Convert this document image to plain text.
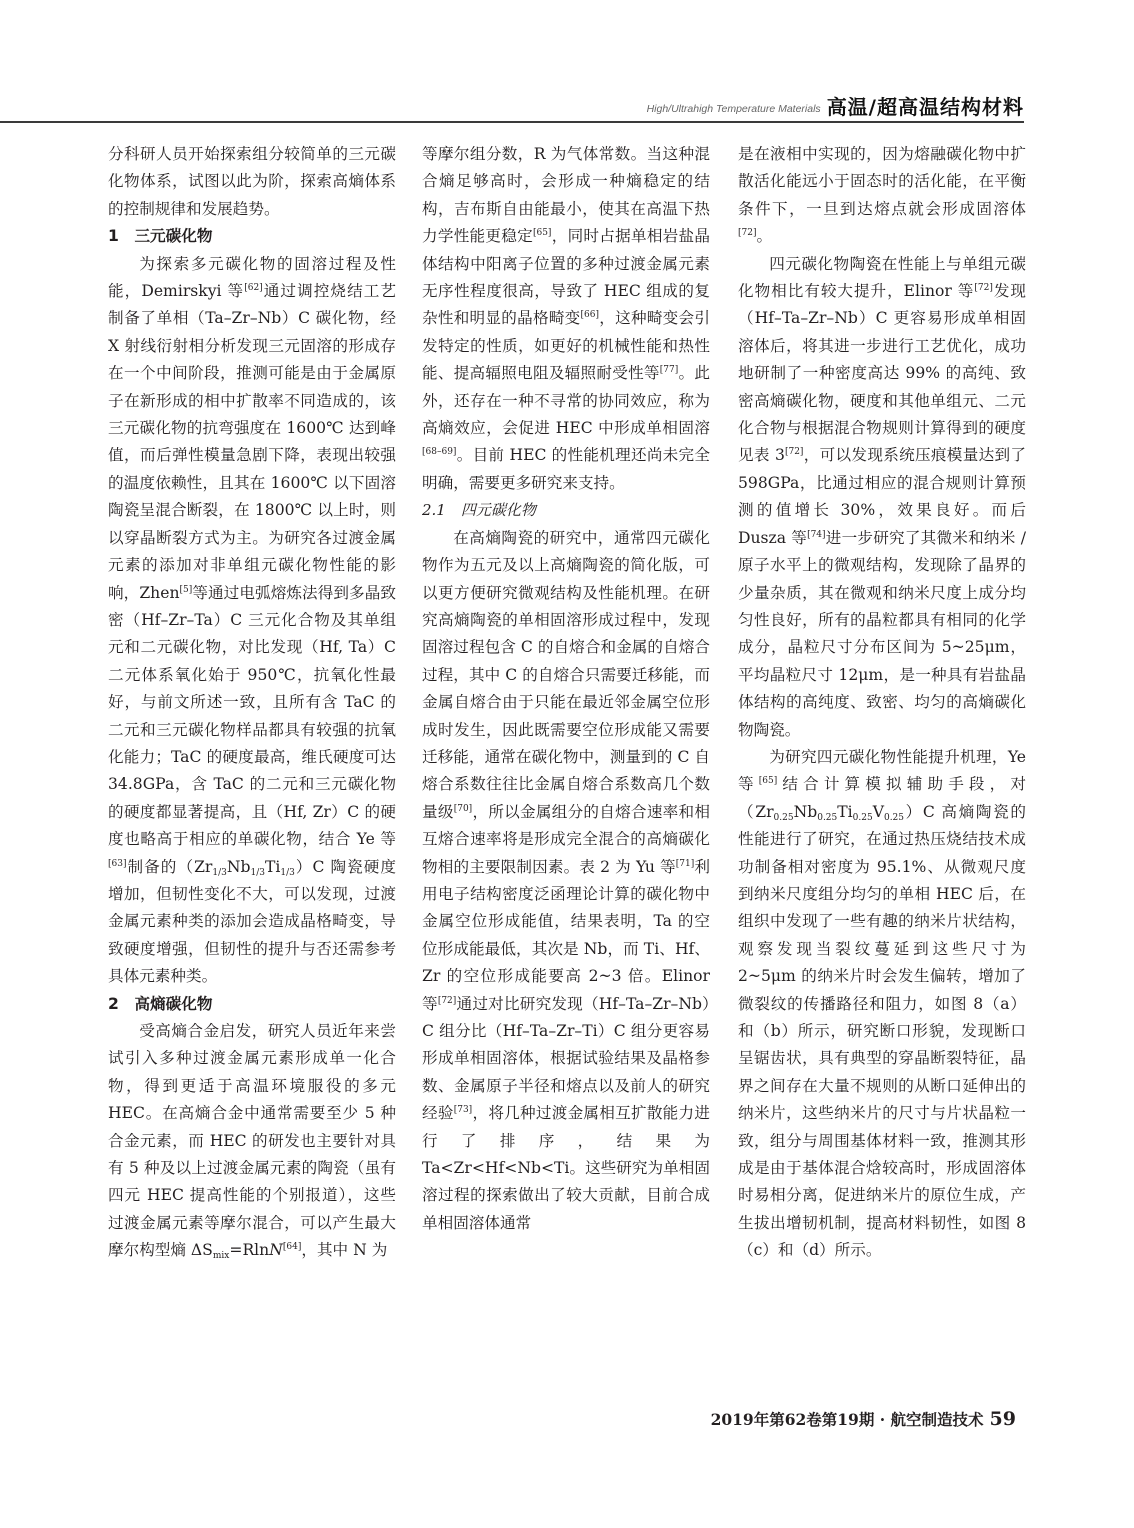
High/Ultrahigh Temperature Materials 高温/超高温结构材料

分科研人员开始探索组分较简单的三元碳化物体系，试图以此为阶，探索高熵体系的控制规律和发展趋势。

1　三元碳化物

为探索多元碳化物的固溶过程及性能，Demirskyi 等[62]通过调控烧结工艺制备了单相（Ta–Zr–Nb）C 碳化物，经 X 射线衍射相分析发现三元固溶的形成存在一个中间阶段，推测可能是由于金属原子在新形成的相中扩散率不同造成的，该三元碳化物的抗弯强度在 1600℃ 达到峰值，而后弹性模量急剧下降，表现出较强的温度依赖性，且其在 1600℃ 以下固溶陶瓷呈混合断裂，在 1800℃ 以上时，则以穿晶断裂方式为主。为研究各过渡金属元素的添加对非单组元碳化物性能的影响，Zhen[5]等通过电弧熔炼法得到多晶致密（Hf–Zr–Ta）C 三元化合物及其单组元和二元碳化物，对比发现（Hf, Ta）C 二元体系氧化始于 950℃，抗氧化性最好，与前文所述一致，且所有含 TaC 的二元和三元碳化物样品都具有较强的抗氧化能力；TaC 的硬度最高，维氏硬度可达 34.8GPa，含 TaC 的二元和三元碳化物的硬度都显著提高，且（Hf, Zr）C 的硬度也略高于相应的单碳化物，结合 Ye 等[63]制备的$(Zr_{1/3}Nb_{1/3}Ti_{1/3})C$ 陶瓷硬度增加，但韧性变化不大，可以发现，过渡金属元素种类的添加会造成晶格畸变，导致硬度增强，但韧性的提升与否还需参考具体元素种类。

2　高熵碳化物

受高熵合金启发，研究人员近年来尝试引入多种过渡金属元素形成单一化合物，得到更适于高温环境服役的多元 HEC。在高熵合金中通常需要至少 5 种合金元素，而 HEC 的研发也主要针对具有 5 种及以上过渡金属元素的陶瓷（虽有四元 HEC 提高性能的个别报道），这些过渡金属元素等摩尔混合，可以产生最大摩尔构型熵 $\Delta S_{mix}=RlnN[64]$，其中 N 为

等摩尔组分数，R 为气体常数。当这种混合熵足够高时，会形成一种熵稳定的结构，吉布斯自由能最小，使其在高温下热力学性能更稳定[65]，同时占据单相岩盐晶体结构中阳离子位置的多种过渡金属元素无序性程度很高，导致了 HEC 组成的复杂性和明显的晶格畸变[66]，这种畸变会引发特定的性质，如更好的机械性能和热性能、提高辐照电阻及辐照耐受性等[77]。此外，还存在一种不寻常的协同效应，称为高熵效应，会促进 HEC 中形成单相固溶[68–69]。目前 HEC 的性能机理还尚未完全明确，需要更多研究来支持。

2.1　四元碳化物

在高熵陶瓷的研究中，通常四元碳化物作为五元及以上高熵陶瓷的简化版，可以更方便研究微观结构及性能机理。在研究高熵陶瓷的单相固溶形成过程中，发现固溶过程包含 C 的自熔合和金属的自熔合过程，其中 C 的自熔合只需要迁移能，而金属自熔合由于只能在最近邻金属空位形成时发生，因此既需要空位形成能又需要迁移能，通常在碳化物中，测量到的 C 自熔合系数往往比金属自熔合系数高几个数量级[70]，所以金属组分的自熔合速率和相互熔合速率将是形成完全混合的高熵碳化物相的主要限制因素。表 2 为 Yu 等[71]利用电子结构密度泛函理论计算的碳化物中金属空位形成能值，结果表明，Ta 的空位形成能最低，其次是 Nb，而 Ti、Hf、Zr 的空位形成能要高 2~3 倍。Elinor 等[72]通过对比研究发现（Hf–Ta–Zr–Nb）C 组分比（Hf–Ta–Zr–Ti）C 组分更容易形成单相固溶体，根据试验结果及晶格参数、金属原子半径和熔点以及前人的研究经验[73]，将几种过渡金属相互扩散能力进行了排序，结果为 Ta<Zr<Hf<Nb<Ti。这些研究为单相固溶过程的探索做出了较大贡献，目前合成单相固溶体通常

是在液相中实现的，因为熔融碳化物中扩散活化能远小于固态时的活化能，在平衡条件下，一旦到达熔点就会形成固溶体[72]。

四元碳化物陶瓷在性能上与单组元碳化物相比有较大提升，Elinor 等[72]发现（Hf–Ta–Zr–Nb）C 更容易形成单相固溶体后，将其进一步进行工艺优化，成功地研制了一种密度高达 99% 的高纯、致密高熵碳化物，硬度和其他单组元、二元化合物与根据混合物规则计算得到的硬度见表 3[72]，可以发现系统压痕模量达到了 598GPa，比通过相应的混合规则计算预测的值增长 30%，效果良好。而后 Dusza 等[74]进一步研究了其微米和纳米 / 原子水平上的微观结构，发现除了晶界的少量杂质，其在微观和纳米尺度上成分均匀性良好，所有的晶粒都具有相同的化学成分，晶粒尺寸分布区间为 5~25μm，平均晶粒尺寸 12μm，是一种具有岩盐晶体结构的高纯度、致密、均匀的高熵碳化物陶瓷。

为研究四元碳化物性能提升机理，Ye 等[65]结合计算模拟辅助手段，对$(Zr_{0.25}Nb_{0.25}Ti_{0.25}V_{0.25})C$ 高熵陶瓷的性能进行了研究，在通过热压烧结技术成功制备相对密度为 95.1%、从微观尺度到纳米尺度组分均匀的单相 HEC 后，在组织中发现了一些有趣的纳米片状结构，观察发现当裂纹蔓延到这些尺寸为 2~5μm 的纳米片时会发生偏转，增加了微裂纹的传播路径和阻力，如图 8（a）和（b）所示，研究断口形貌，发现断口呈锯齿状，具有典型的穿晶断裂特征，晶界之间存在大量不规则的从断口延伸出的纳米片，这些纳米片的尺寸与片状晶粒一致，组分与周围基体材料一致，推测其形成是由于基体混合焓较高时，形成固溶体时易相分离，促进纳米片的原位生成，产生拔出增韧机制，提高材料韧性，如图 8（c）和（d）所示。

2019年第62卷第19期 · 航空制造技术 59
